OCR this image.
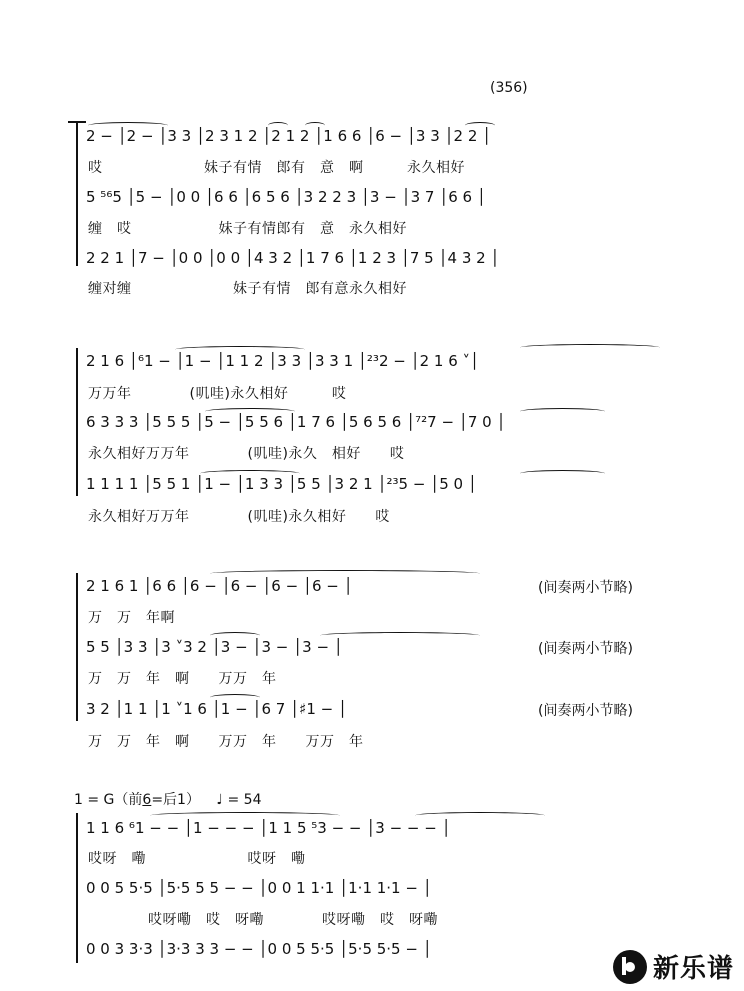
(356)
2 − │2 − │3 3 │2 3 1 2 │2 1 2 │1 6 6 │6 − │3 3 │2 2 │
哎　　　　　　　妹子有情　郎有　意　啊　　　永久相好
5 ⁵⁶5 │5 − │0 0 │6 6 │6 5 6 │3 2 2 3 │3 − │3 7 │6 6 │
缠　哎　　　　　　妹子有情郎有　意　永久相好
2 2 1 │7 − │0 0 │0 0 │4 3 2 │1 7 6 │1 2 3 │7 5 │4 3 2 │
缠对缠　　　　　　　妹子有情　郎有意永久相好
2 1 6 │⁶1 − │1 − │1 1 2 │3 3 │3 3 1 │²³2 − │2 1 6 ˅│
万万年　　　　(叽哇)永久相好　　　哎
6 3 3 3 │5 5 5 │5 − │5 5 6 │1 7 6 │5 6 5 6 │⁷²7 − │7 0 │
永久相好万万年　　　　(叽哇)永久　相好　　哎
1 1 1 1 │5 5 1 │1 − │1 3 3 │5 5 │3 2 1 │²³5 − │5 0 │
永久相好万万年　　　　(叽哇)永久相好　　哎
2 1 6 1 │6 6 │6 − │6 − │6 − │6 − │	(间奏两小节略)
万　万　年啊
5 5 │3 3 │3 ˅3 2 │3 − │3 − │3 − │	(间奏两小节略)
万　万　年　啊　　万万　年
3 2 │1 1 │1 ˅1 6 │1 − │6 7 │♯1 − │	(间奏两小节略)
万　万　年　啊　　万万　年　　万万　年
1 = G（前6=后1） ♩ = 54
1 1 6 ⁶1 − − │1 − − − │1 1 5 ⁵3 − − │3 − − − │
哎呀　嘞　　　　　　　哎呀　嘞
0 0 5 5·5 │5·5 5 5 − − │0 0 1 1·1 │1·1 1·1 − │
哎呀嘞　哎　呀嘞　　　　哎呀嘞　哎　呀嘞
0 0 3 3·3 │3·3 3 3 − − │0 0 5 5·5 │5·5 5·5 − │
新乐谱
